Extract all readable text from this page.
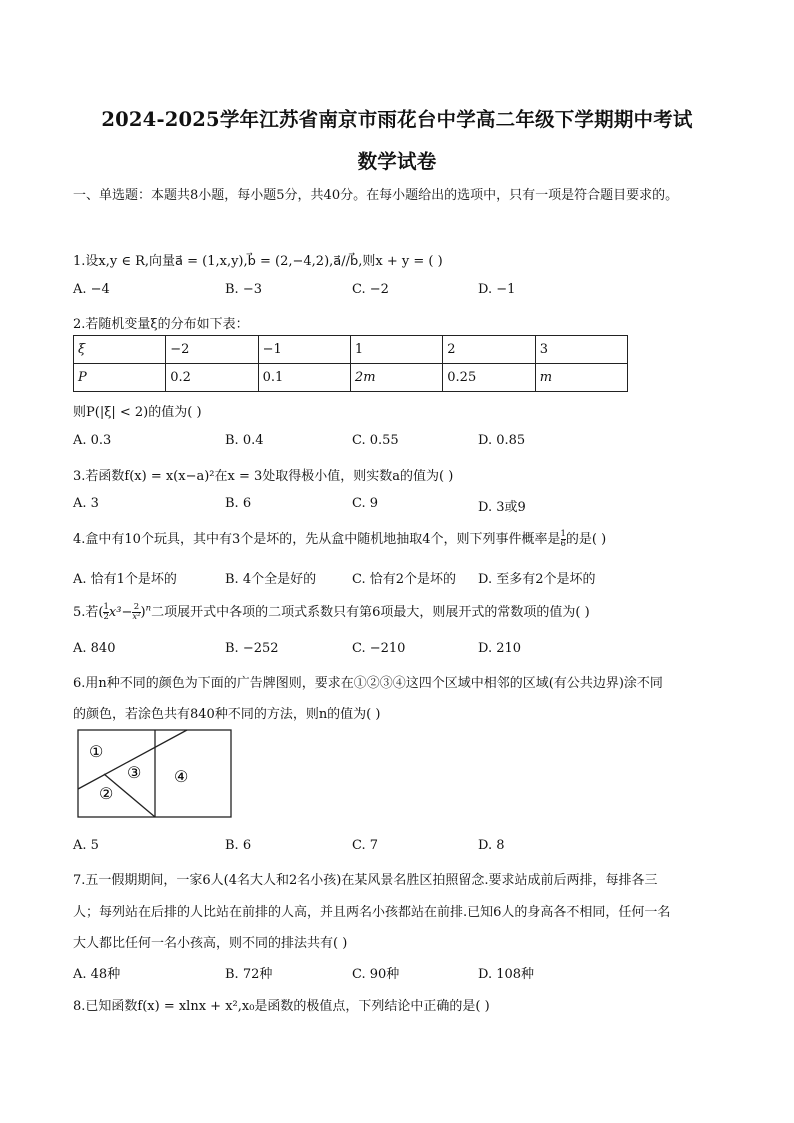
2024-2025学年江苏省南京市雨花台中学高二年级下学期期中考试
数学试卷
一、单选题：本题共8小题，每小题5分，共40分。在每小题给出的选项中，只有一项是符合题目要求的。
1.设x,y ∈ R,向量a⃗ = (1,x,y),b⃗ = (2,−4,2),a⃗//b⃗,则x + y = ( )
A. −4	B. −3	C. −2	D. −1
2.若随机变量ξ的分布如下表：
ξ	−2	−1	1	2	3
P	0.2	0.1	2m	0.25	m
则P(|ξ| < 2)的值为( )
A. 0.3	B. 0.4	C. 0.55	D. 0.85
3.若函数f(x) = x(x−a)²在x = 3处取得极小值，则实数a的值为( )
A. 3	B. 6	C. 9	D. 3或9
4.盒中有10个玩具，其中有3个是坏的，先从盒中随机地抽取4个，则下列事件概率是 $\frac{1}{6}$ 的是( )
A. 恰有1个是坏的	B. 4个全是好的	C. 恰有2个是坏的 D. 至多有2个是坏的
5.若( $\frac{1}{2} x^3- \frac{2}{\text{x²}} )^n$二项展开式中各项的二项式系数只有第6项最大，则展开式的常数项的值为( )
A. 840	B. −252	C. −210	D. 210
6.用n种不同的颜色为下面的广告牌图则，要求在①②③④这四个区域中相邻的区域(有公共边界)涂不同
的颜色，若涂色共有840种不同的方法，则n的值为( )
①
②
③ ④
A. 5	B. 6	C. 7	D. 8
7.五一假期期间，一家6人(4名大人和2名小孩)在某风景名胜区拍照留念.要求站成前后两排，每排各三
人；每列站在后排的人比站在前排的人高，并且两名小孩都站在前排.已知6人的身高各不相同，任何一名
大人都比任何一名小孩高，则不同的排法共有( )
A. 48种	B. 72种	C. 90种	D. 108种
8.已知函数f(x) = xlnx + x²,x₀是函数的极值点，下列结论中正确的是( )
